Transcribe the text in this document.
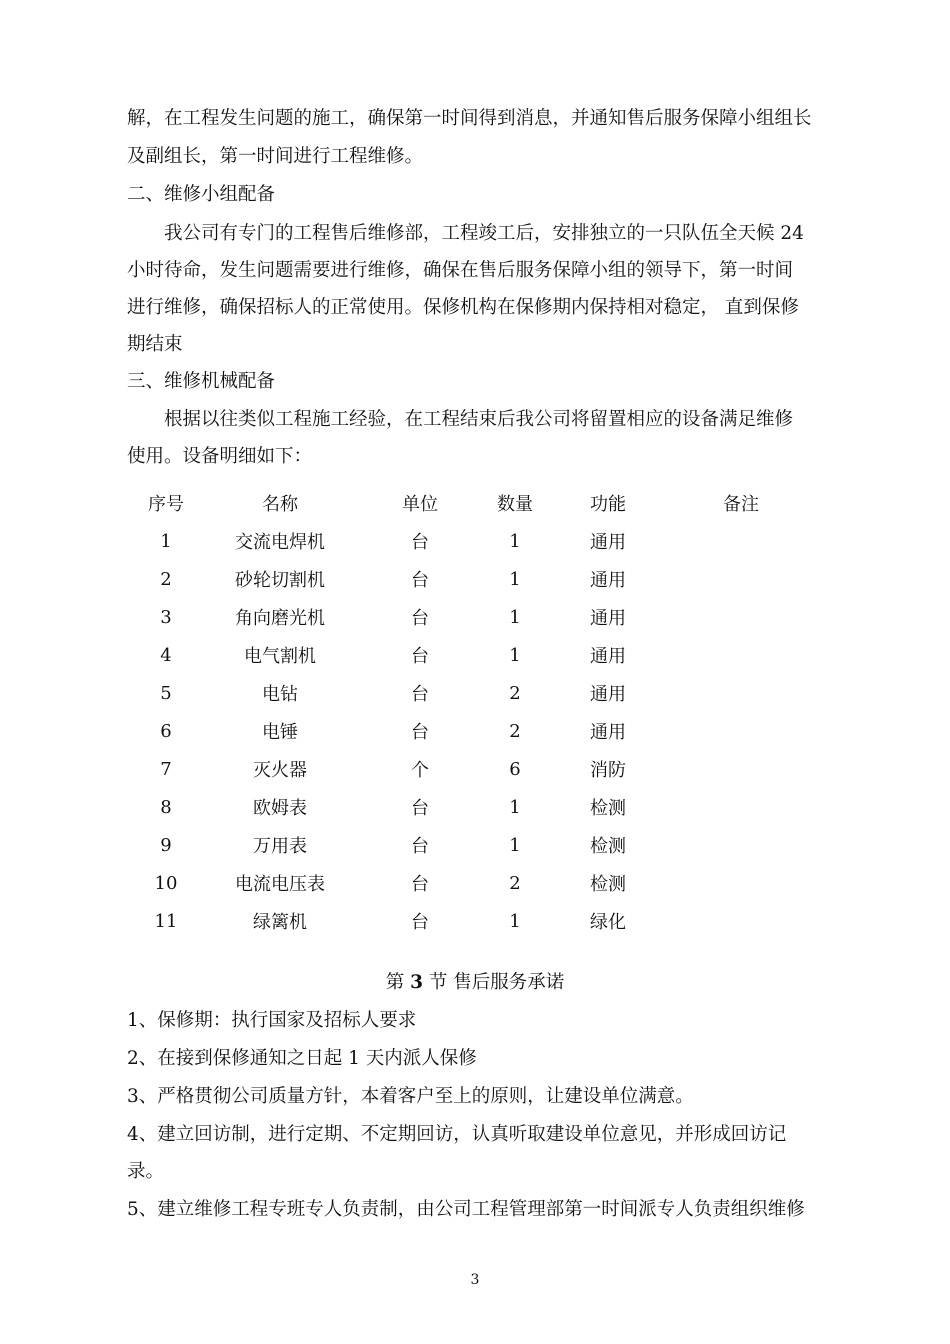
解，在工程发生问题的施工，确保第一时间得到消息，并通知售后服务保障小组组长
及副组长，第一时间进行工程维修。
二、维修小组配备
我公司有专门的工程售后维修部，工程竣工后，安排独立的一只队伍全天候 24
小时待命，发生问题需要进行维修，确保在售后服务保障小组的领导下，第一时间
进行维修，确保招标人的正常使用。保修机构在保修期内保持相对稳定， 直到保修
期结束
三、维修机械配备
根据以往类似工程施工经验，在工程结束后我公司将留置相应的设备满足维修
使用。设备明细如下：
序号	名称	单位	数量	功能	备注
1	交流电焊机	台	1	通用	
2	砂轮切割机	台	1	通用	
3	角向磨光机	台	1	通用	
4	电气割机	台	1	通用	
5	电钻	台	2	通用	
6	电锤	台	2	通用	
7	灭火器	个	6	消防	
8	欧姆表	台	1	检测	
9	万用表	台	1	检测	
10	电流电压表	台	2	检测	
11	绿篱机	台	1	绿化	
第 3 节 售后服务承诺
1、保修期：执行国家及招标人要求
2、在接到保修通知之日起 1 天内派人保修
3、严格贯彻公司质量方针，本着客户至上的原则，让建设单位满意。
4、建立回访制，进行定期、不定期回访，认真听取建设单位意见，并形成回访记
录。
5、建立维修工程专班专人负责制，由公司工程管理部第一时间派专人负责组织维修
3
